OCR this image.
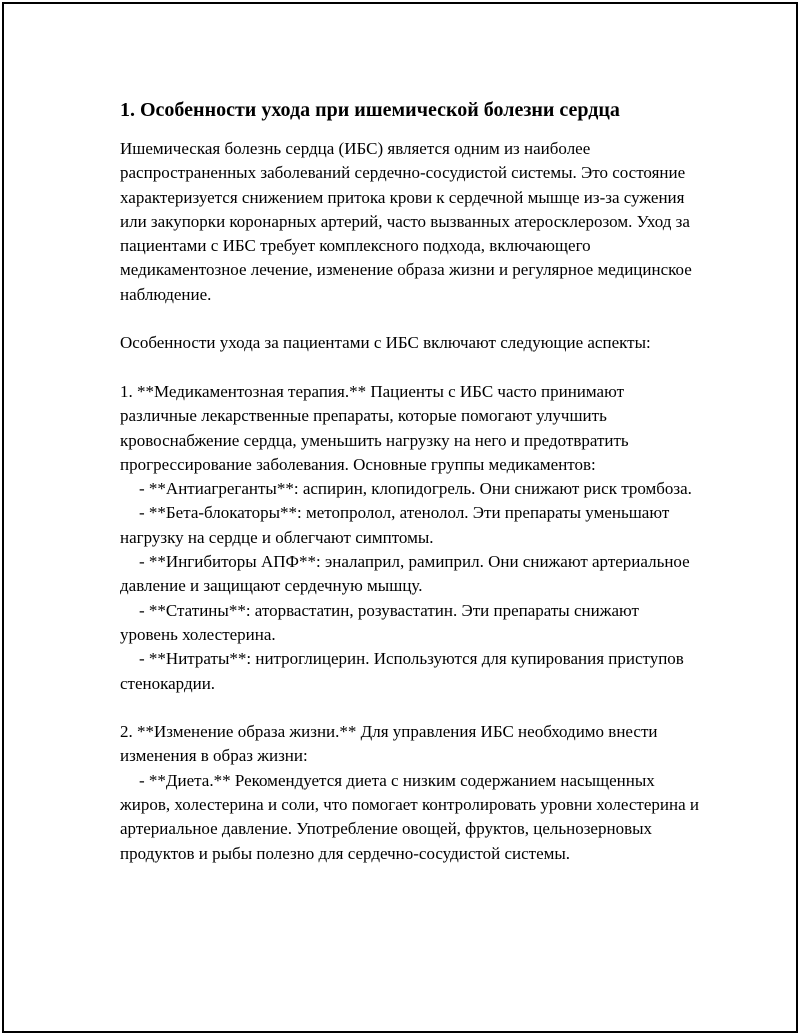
1. Особенности ухода при ишемической болезни сердца

Ишемическая болезнь сердца (ИБС) является одним из наиболее распространенных заболеваний сердечно-сосудистой системы. Это состояние характеризуется снижением притока крови к сердечной мышце из-за сужения или закупорки коронарных артерий, часто вызванных атеросклерозом. Уход за пациентами с ИБС требует комплексного подхода, включающего медикаментозное лечение, изменение образа жизни и регулярное медицинское наблюдение.

Особенности ухода за пациентами с ИБС включают следующие аспекты:

1. **Медикаментозная терапия.** Пациенты с ИБС часто принимают различные лекарственные препараты, которые помогают улучшить кровоснабжение сердца, уменьшить нагрузку на него и предотвратить прогрессирование заболевания. Основные группы медикаментов:

- **Антиагреганты**: аспирин, клопидогрель. Они снижают риск тромбоза.

- **Бета-блокаторы**: метопролол, атенолол. Эти препараты уменьшают нагрузку на сердце и облегчают симптомы.

- **Ингибиторы АПФ**: эналаприл, рамиприл. Они снижают артериальное давление и защищают сердечную мышцу.

- **Статины**: аторвастатин, розувастатин. Эти препараты снижают уровень холестерина.

- **Нитраты**: нитроглицерин. Используются для купирования приступов стенокардии.

2. **Изменение образа жизни.** Для управления ИБС необходимо внести изменения в образ жизни:

- **Диета.** Рекомендуется диета с низким содержанием насыщенных жиров, холестерина и соли, что помогает контролировать уровни холестерина и артериальное давление. Употребление овощей, фруктов, цельнозерновых продуктов и рыбы полезно для сердечно-сосудистой системы.
